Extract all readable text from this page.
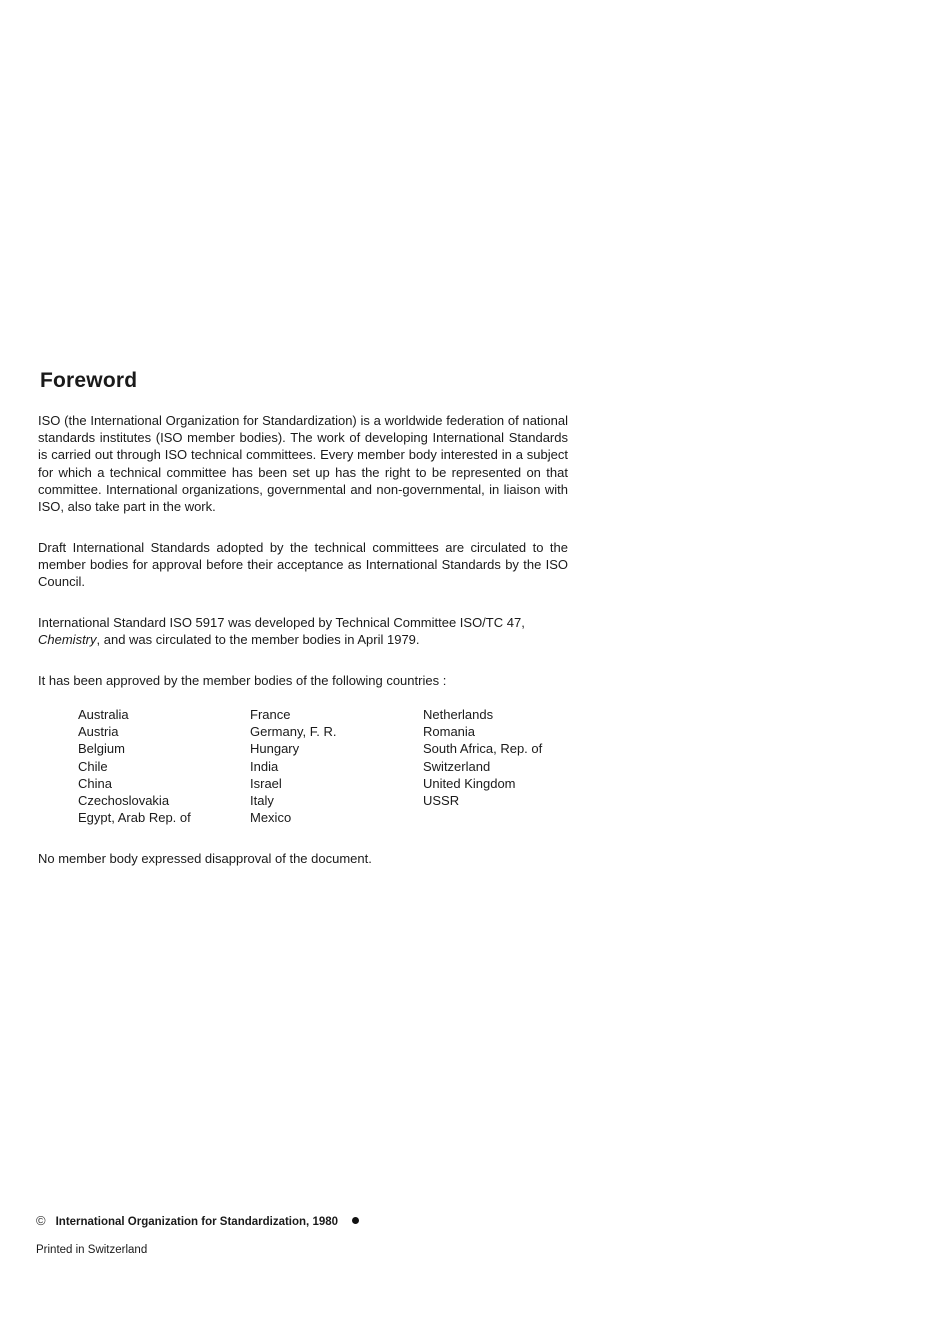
Foreword

ISO (the International Organization for Standardization) is a worldwide federation of national standards institutes (ISO member bodies). The work of developing International Standards is carried out through ISO technical committees. Every member body interested in a subject for which a technical committee has been set up has the right to be represented on that committee. International organizations, governmental and non-governmental, in liaison with ISO, also take part in the work.

Draft International Standards adopted by the technical committees are circulated to the member bodies for approval before their acceptance as International Standards by the ISO Council.

International Standard ISO 5917 was developed by Technical Committee ISO/TC 47,
Chemistry, and was circulated to the member bodies in April 1979.

It has been approved by the member bodies of the following countries :

Australia
Austria
Belgium
Chile
China
Czechoslovakia
Egypt, Arab Rep. of
France
Germany, F. R.
Hungary
India
Israel
Italy
Mexico
Netherlands
Romania
South Africa, Rep. of
Switzerland
United Kingdom
USSR

No member body expressed disapproval of the document.

© International Organization for Standardization, 1980
Printed in Switzerland
